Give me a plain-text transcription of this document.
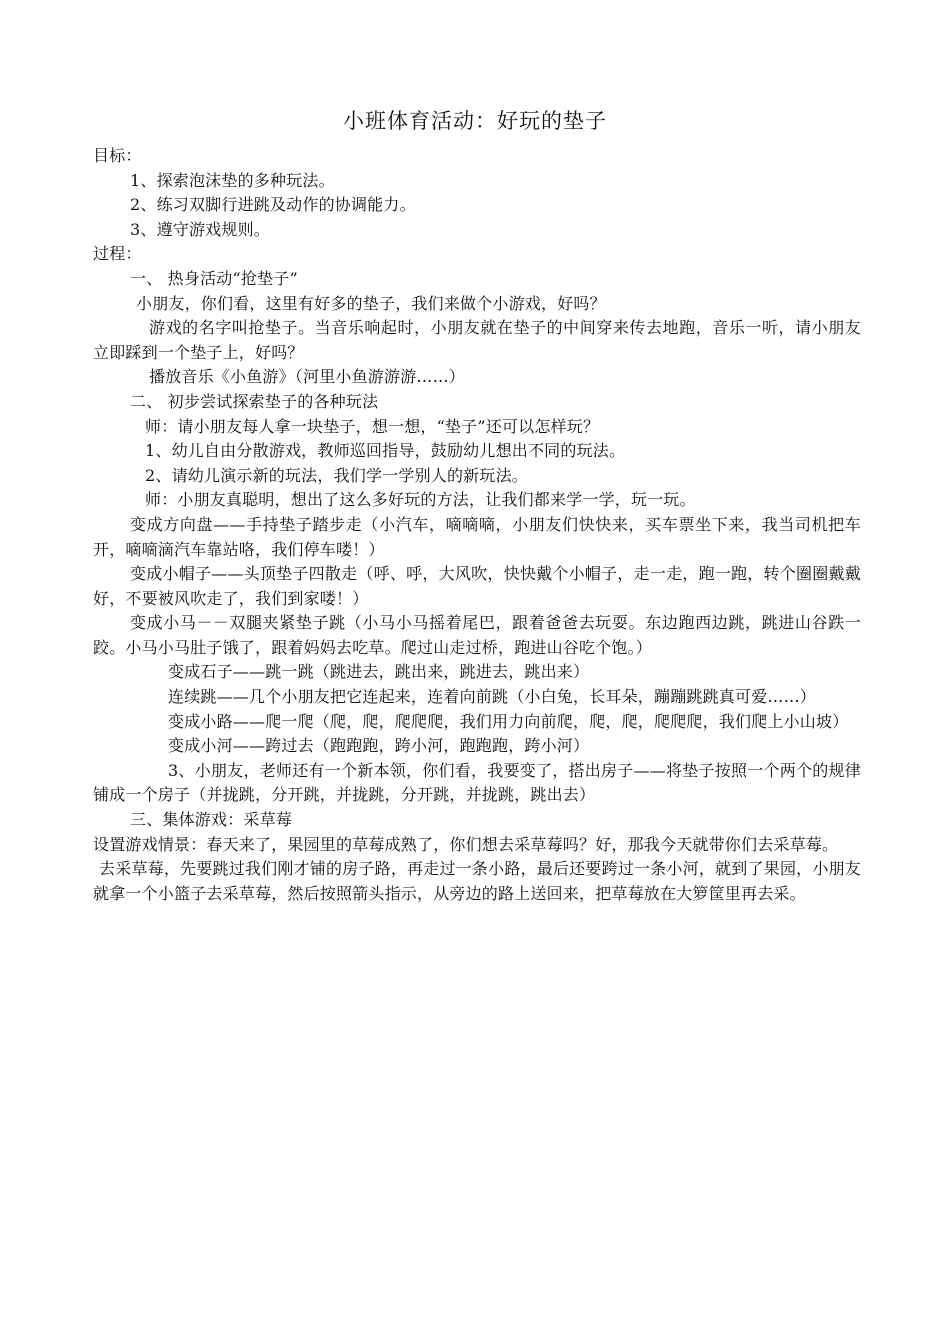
小班体育活动：好玩的垫子

目标：

1、探索泡沫垫的多种玩法。

2、练习双脚行进跳及动作的协调能力。

3、遵守游戏规则。

过程：

一、 热身活动“抢垫子”

小朋友，你们看，这里有好多的垫子，我们来做个小游戏，好吗？

游戏的名字叫抢垫子。当音乐响起时，小朋友就在垫子的中间穿来传去地跑，音乐一听，请小朋友立即踩到一个垫子上，好吗？

播放音乐《小鱼游》（河里小鱼游游游……）

二、 初步尝试探索垫子的各种玩法

师：请小朋友每人拿一块垫子，想一想，“垫子”还可以怎样玩？

1、幼儿自由分散游戏，教师巡回指导，鼓励幼儿想出不同的玩法。

2、请幼儿演示新的玩法，我们学一学别人的新玩法。

师：小朋友真聪明，想出了这么多好玩的方法，让我们都来学一学，玩一玩。

变成方向盘——手持垫子踏步走（小汽车，嘀嘀嘀，小朋友们快快来，买车票坐下来，我当司机把车开，嘀嘀滴汽车靠站咯，我们停车喽！）

变成小帽子——头顶垫子四散走（呼、呼，大风吹，快快戴个小帽子，走一走，跑一跑，转个圈圈戴戴好，不要被风吹走了，我们到家喽！）

变成小马－－双腿夹紧垫子跳（小马小马摇着尾巴，跟着爸爸去玩耍。东边跑西边跳，跳进山谷跌一跤。小马小马肚子饿了，跟着妈妈去吃草。爬过山走过桥，跑进山谷吃个饱。）

变成石子——跳一跳（跳进去，跳出来，跳进去，跳出来）

连续跳——几个小朋友把它连起来，连着向前跳（小白兔，长耳朵，蹦蹦跳跳真可爱……）

变成小路——爬一爬（爬，爬，爬爬爬，我们用力向前爬，爬，爬，爬爬爬，我们爬上小山坡）

变成小河——跨过去（跑跑跑，跨小河，跑跑跑，跨小河）

3、小朋友，老师还有一个新本领，你们看，我要变了，搭出房子——将垫子按照一个两个的规律铺成一个房子（并拢跳，分开跳，并拢跳，分开跳，并拢跳，跳出去）

三、集体游戏：采草莓

设置游戏情景：春天来了，果园里的草莓成熟了，你们想去采草莓吗？好，那我今天就带你们去采草莓。

去采草莓，先要跳过我们刚才铺的房子路，再走过一条小路，最后还要跨过一条小河，就到了果园，小朋友就拿一个小篮子去采草莓，然后按照箭头指示，从旁边的路上送回来，把草莓放在大箩筐里再去采。
